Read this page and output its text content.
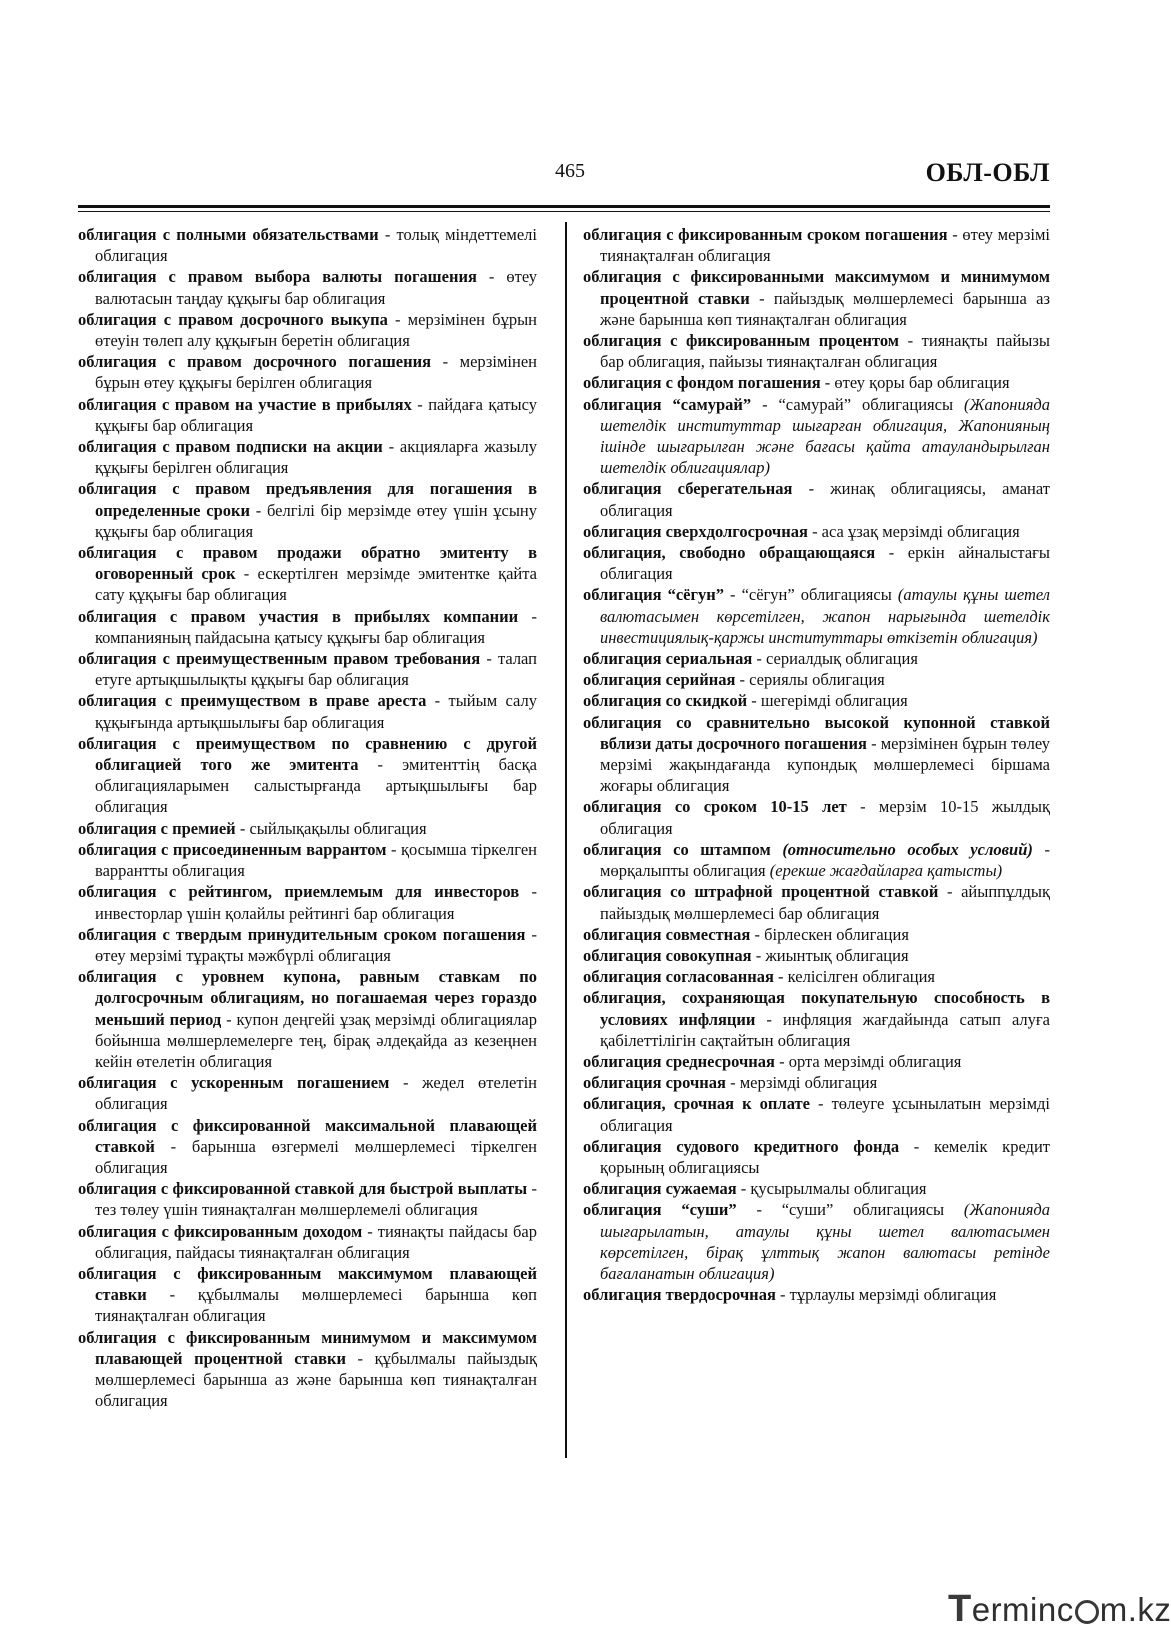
465	ОБЛ-ОБЛ
облигация с полными обязательствами - толық міндеттемелі облигация
облигация с правом выбора валюты погашения - өтеу валютасын таңдау құқығы бар облигация
облигация с правом досрочного выкупа - мерзімінен бұрын өтеуін төлеп алу құқығын беретін облигация
облигация с правом досрочного погашения - мерзімінен бұрын өтеу құқығы берілген облигация
облигация с правом на участие в прибылях - пайдаға қатысу құқығы бар облигация
облигация с правом подписки на акции - акцияларға жазылу құқығы берілген облигация
облигация с правом предъявления для погашения в определенные сроки - белгілі бір мерзімде өтеу үшін ұсыну құқығы бар облигация
облигация с правом продажи обратно эмитенту в оговоренный срок - ескертілген мерзімде эмитентке қайта сату құқығы бар облигация
облигация с правом участия в прибылях компании - компанияның пайдасына қатысу құқығы бар облигация
облигация с преимущественным правом требования - талап етуге артықшылықты құқығы бар облигация
облигация с преимуществом в праве ареста - тыйым салу құқығында артықшылығы бар облигация
облигация с преимуществом по сравнению с другой облигацией того же эмитента - эмитенттің басқа облигацияларымен салыстырғанда артықшылығы бар облигация
облигация с премией - сыйлықақылы облигация
облигация с присоединенным варрантом - қосымша тіркелген варрантты облигация
облигация с рейтингом, приемлемым для инвесторов - инвесторлар үшін қолайлы рейтингі бар облигация
облигация с твердым принудительным сроком погашения - өтеу мерзімі тұрақты мәжбүрлі облигация
облигация с уровнем купона, равным ставкам по долгосрочным облигациям, но погашаемая через гораздо меньший период - купон деңгейі ұзақ мерзімді облигациялар бойынша мөлшерлемелерге тең, бірақ әлдеқайда аз кезеңнен кейін өтелетін облигация
облигация с ускоренным погашением - жедел өтелетін облигация
облигация с фиксированной максимальной плавающей ставкой - барынша өзгермелі мөлшерлемесі тіркелген облигация
облигация с фиксированной ставкой для быстрой выплаты - тез төлеу үшін тиянақталған мөлшерлемелі облигация
облигация с фиксированным доходом - тиянақты пайдасы бар облигация, пайдасы тиянақталған облигация
облигация с фиксированным максимумом плавающей ставки - құбылмалы мөлшерлемесі барынша көп тиянақталған облигация
облигация с фиксированным минимумом и максимумом плавающей процентной ставки - құбылмалы пайыздық мөлшерлемесі барынша аз және барынша көп тиянақталған облигация
облигация с фиксированным сроком погашения - өтеу мерзімі тиянақталған облигация
облигация с фиксированными максимумом и минимумом процентной ставки - пайыздық мөлшерлемесі барынша аз және барынша көп тиянақталған облигация
облигация с фиксированным процентом - тиянақты пайызы бар облигация, пайызы тиянақталған облигация
облигация с фондом погашения - өтеу қоры бар облигация
облигация “самурай” - “самурай” облигациясы (Жапонияда шетелдік институттар шығарған облигация, Жапонияның ішінде шығарылған және бағасы қайта атауландырылған шетелдік облигациялар)
облигация сберегательная - жинақ облигациясы, аманат облигация
облигация сверхдолгосрочная - аса ұзақ мерзімді облигация
облигация, свободно обращающаяся - еркін айналыстағы облигация
облигация “сёгун” - “сёгун” облигациясы (атаулы құны шетел валютасымен көрсетілген, жапон нарығында шетелдік инвестициялық-қаржы институттары өткізетін облигация)
облигация сериальная - сериалдық облигация
облигация серийная - сериялы облигация
облигация со скидкой - шегерімді облигация
облигация со сравнительно высокой купонной ставкой вблизи даты досрочного погашения - мерзімінен бұрын төлеу мерзімі жақындағанда купондық мөлшерлемесі біршама жоғары облигация
облигация со сроком 10-15 лет - мерзім 10-15 жылдық облигация
облигация со штампом (относительно особых условий) - мөрқалыпты облигация (ерекше жағдайларға қатысты)
облигация со штрафной процентной ставкой - айыппұлдық пайыздық мөлшерлемесі бар облигация
облигация совместная - бірлескен облигация
облигация совокупная - жиынтық облигация
облигация согласованная - келісілген облигация
облигация, сохраняющая покупательную способность в условиях инфляции - инфляция жағдайында сатып алуға қабілеттілігін сақтайтын облигация
облигация среднесрочная - орта мерзімді облигация
облигация срочная - мерзімді облигация
облигация, срочная к оплате - төлеуге ұсынылатын мерзімді облигация
облигация судового кредитного фонда - кемелік кредит қорының облигациясы
облигация сужаемая - қусырылмалы облигация
облигация “суши” - “суши” облигациясы (Жапонияда шығарылатын, атаулы құны шетел валютасымен көрсетілген, бірақ ұлттық жапон валютасы ретінде бағаланатын облигация)
облигация твердосрочная - тұрлаулы мерзімді облигация
Terminc m.kz
